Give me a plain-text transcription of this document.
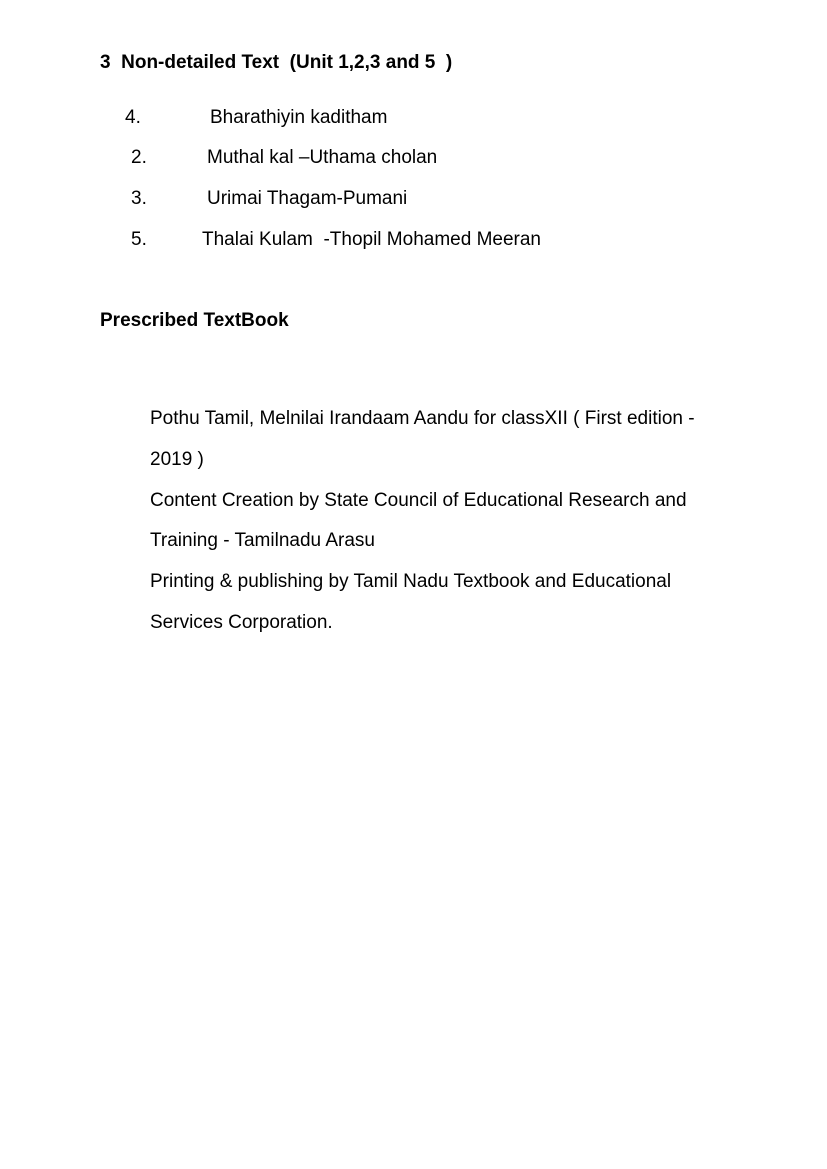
3  Non-detailed Text  (Unit 1,2,3 and 5  )

4.

	Bharathiyin kaditham

2.

	Muthal kal –Uthama cholan

3.

	Urimai Thagam-Pumani

5.

	Thalai Kulam  -Thopil Mohamed Meeran

Prescribed TextBook
Pothu Tamil, Melnilai Irandaam Aandu for classXII ( First edition -
2019 )
Content Creation by State Council of Educational Research and
Training - Tamilnadu Arasu
Printing & publishing by Tamil Nadu Textbook and Educational
Services Corporation.
